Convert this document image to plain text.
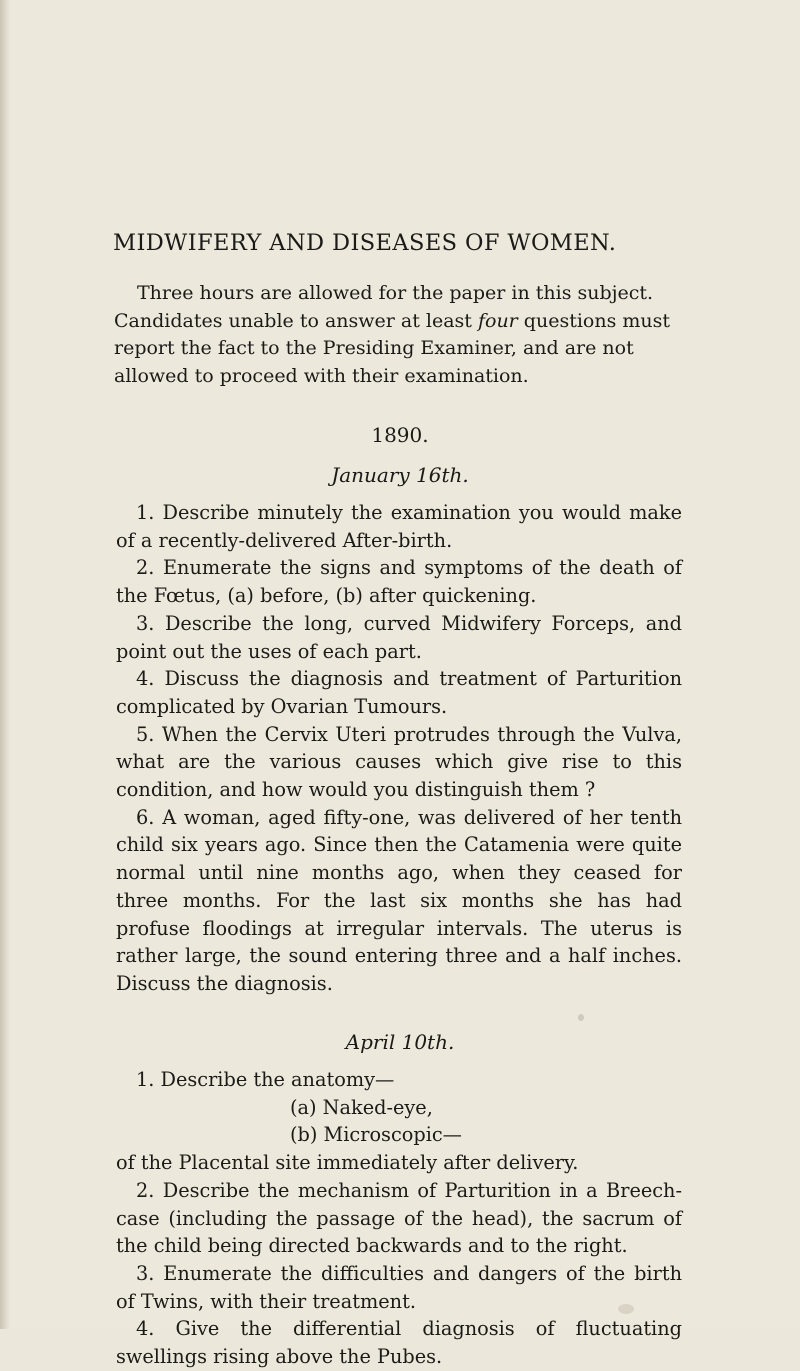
MIDWIFERY AND DISEASES OF WOMEN.

Three hours are allowed for the paper in this subject.

Candidates unable to answer at least four questions must report the fact to the Presiding Examiner, and are not allowed to proceed with their examination.

1890.
January 16th.

1. Describe minutely the examination you would make of a recently-delivered After-birth.

2. Enumerate the signs and symptoms of the death of the Fœtus, (a) before, (b) after quickening.

3. Describe the long, curved Midwifery Forceps, and point out the uses of each part.

4. Discuss the diagnosis and treatment of Parturition complicated by Ovarian Tumours.

5. When the Cervix Uteri protrudes through the Vulva, what are the various causes which give rise to this condition, and how would you distinguish them ?

6. A woman, aged fifty-one, was delivered of her tenth child six years ago. Since then the Catamenia were quite normal until nine months ago, when they ceased for three months. For the last six months she has had profuse floodings at irregular intervals. The uterus is rather large, the sound entering three and a half inches. Discuss the diagnosis.

April 10th.

1. Describe the anatomy—

(a) Naked-eye,

(b) Microscopic—

of the Placental site immediately after delivery.

2. Describe the mechanism of Parturition in a Breech-case (including the passage of the head), the sacrum of the child being directed backwards and to the right.

3. Enumerate the difficulties and dangers of the birth of Twins, with their treatment.

4. Give the differential diagnosis of fluctuating swellings rising above the Pubes.
